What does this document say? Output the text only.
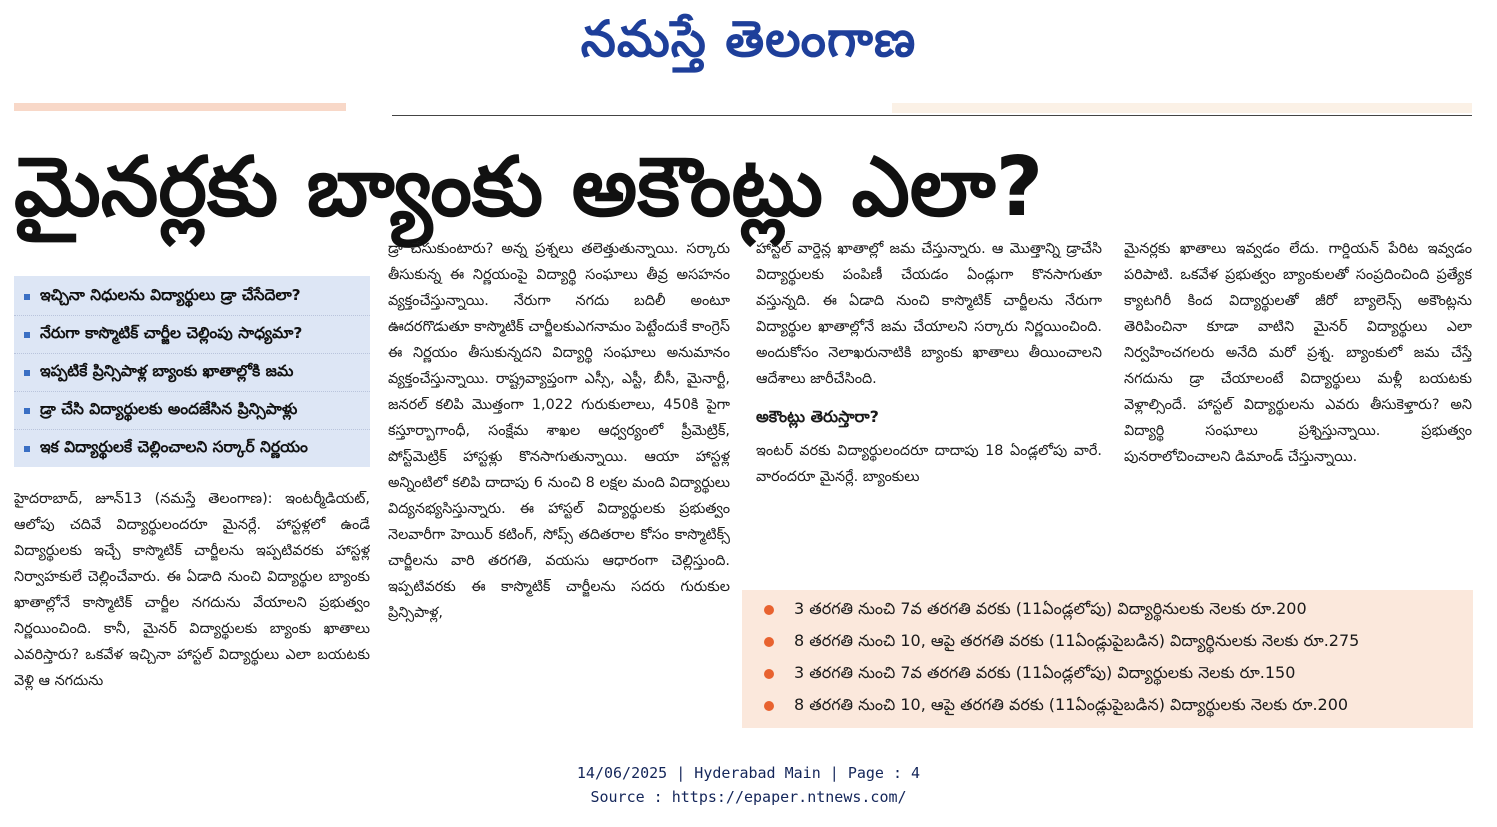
నమస్తే తెలంగాణ
మైనర్లకు బ్యాంకు అకౌంట్లు ఎలా?
ఇచ్చినా నిధులను విద్యార్థులు డ్రా చేసేదెలా?
నేరుగా కాస్మొటిక్ చార్జీల చెల్లింపు సాధ్యమా?
ఇప్పటికే ప్రిన్సిపాళ్ల బ్యాంకు ఖాతాల్లోకి జమ
డ్రా చేసి విద్యార్థులకు అందజేసిన ప్రిన్సిపాళ్లు
ఇక విద్యార్థులకే చెల్లించాలని సర్కార్ నిర్ణయం

హైదరాబాద్, జూన్13 (నమస్తే తెలంగాణ): ఇంటర్మీడియట్, ఆలోపు చదివే విద్యార్థులందరూ మైనర్లే. హాస్టళ్లలో ఉండే విద్యార్థులకు ఇచ్చే కాస్మొటిక్ చార్జీలను ఇప్పటివరకు హాస్టళ్ల నిర్వాహకులే చెల్లించేవారు. ఈ ఏడాది నుంచి విద్యార్థుల బ్యాంకు ఖాతాల్లోనే కాస్మొటిక్ చార్జీల నగదును వేయాలని ప్రభుత్వం నిర్ణయించింది. కానీ, మైనర్ విద్యార్థులకు బ్యాంకు ఖాతాలు ఎవరిస్తారు? ఒకవేళ ఇచ్చినా హాస్టల్ విద్యార్థులు ఎలా బయటకు వెళ్లి ఆ నగదును

డ్రా చేసుకుంటారు? అన్న ప్రశ్నలు తలెత్తుతున్నాయి. సర్కారు తీసుకున్న ఈ నిర్ణయంపై విద్యార్థి సంఘాలు తీవ్ర అసహనం వ్యక్తంచేస్తున్నాయి. నేరుగా నగదు బదిలీ అంటూ ఊదరగొడుతూ కాస్మొటిక్ చార్జీలకుఎగనామం పెట్టేందుకే కాంగ్రెస్ ఈ నిర్ణయం తీసుకున్నదని విద్యార్థి సంఘాలు అనుమానం వ్యక్తంచేస్తున్నాయి. రాష్ట్రవ్యాప్తంగా ఎస్సీ, ఎస్టీ, బీసీ, మైనార్టీ, జనరల్ కలిపి మొత్తంగా 1,022 గురుకులాలు, 450కి పైగా కస్తూర్బాగాంధీ, సంక్షేమ శాఖల ఆధ్వర్యంలో ప్రీమెట్రిక్, పోస్ట్‌మెట్రిక్ హాస్టళ్లు కొనసాగుతున్నాయి. ఆయా హాస్టళ్ల అన్నింటిలో కలిపి దాదాపు 6 నుంచి 8 లక్షల మంది విద్యార్థులు విద్యనభ్యసిస్తున్నారు. ఈ హాస్టల్ విద్యార్థులకు ప్రభుత్వం నెలవారీగా హెయిర్ కటింగ్, సోప్స్ తదితరాల కోసం కాస్మొటిక్స్ చార్జీలను వారి తరగతి, వయసు ఆధారంగా చెల్లిస్తుంది. ఇప్పటివరకు ఈ కాస్మొటిక్ చార్జీలను సదరు గురుకుల ప్రిన్సిపాళ్ల,

హాస్టల్ వార్డెన్ల ఖాతాల్లో జమ చేస్తున్నారు. ఆ మొత్తాన్ని డ్రాచేసి విద్యార్థులకు పంపిణీ చేయడం ఏండ్లుగా కొనసాగుతూ వస్తున్నది. ఈ ఏడాది నుంచి కాస్మొటిక్ చార్జీలను నేరుగా విద్యార్థుల ఖాతాల్లోనే జమ చేయాలని సర్కారు నిర్ణయించింది. అందుకోసం నెలాఖరునాటికి బ్యాంకు ఖాతాలు తీయించాలని ఆదేశాలు జారీచేసింది.

అకౌంట్లు తెరుస్తారా?

ఇంటర్ వరకు విద్యార్థులందరూ దాదాపు 18 ఏండ్లలోపు వారే. వారందరూ మైనర్లే. బ్యాంకులు

మైనర్లకు ఖాతాలు ఇవ్వడం లేదు. గార్డియన్ పేరిట ఇవ్వడం పరిపాటి. ఒకవేళ ప్రభుత్వం బ్యాంకులతో సంప్రదించింది ప్రత్యేక క్యాటగిరీ కింద విద్యార్థులతో జీరో బ్యాలెన్స్ అకౌంట్లను తెరిపించినా కూడా వాటిని మైనర్ విద్యార్థులు ఎలా నిర్వహించగలరు అనేది మరో ప్రశ్న. బ్యాంకులో జమ చేస్తే నగదును డ్రా చేయాలంటే విద్యార్థులు మళ్లీ బయటకు వెళ్లాల్సిందే. హాస్టల్ విద్యార్థులను ఎవరు తీసుకెళ్తారు? అని విద్యార్థి సంఘాలు ప్రశ్నిస్తున్నాయి. ప్రభుత్వం పునరాలోచించాలని డిమాండ్ చేస్తున్నాయి.

3 తరగతి నుంచి 7వ తరగతి వరకు (11ఏండ్లలోపు) విద్యార్థినులకు నెలకు రూ.200
8 తరగతి నుంచి 10, ఆపై తరగతి వరకు (11ఏండ్లుపైబడిన) విద్యార్థినులకు నెలకు రూ.275
3 తరగతి నుంచి 7వ తరగతి వరకు (11ఏండ్లలోపు) విద్యార్థులకు నెలకు రూ.150
8 తరగతి నుంచి 10, ఆపై తరగతి వరకు (11ఏండ్లుపైబడిన) విద్యార్థులకు నెలకు రూ.200
14/06/2025 | Hyderabad Main | Page : 4
Source : https://epaper.ntnews.com/
